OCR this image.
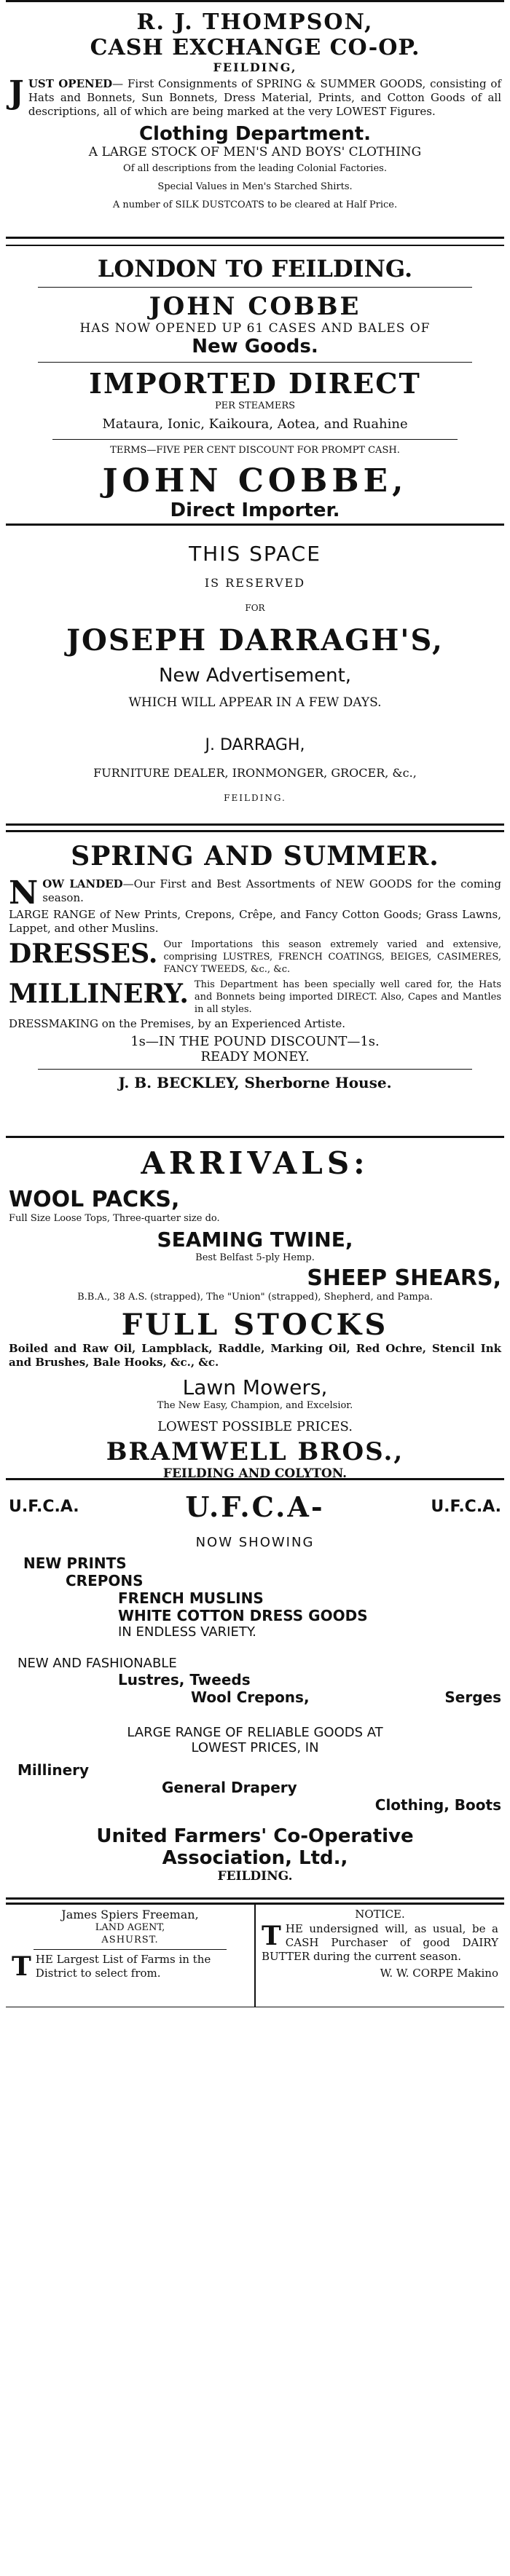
R. J. THOMPSON,
CASH EXCHANGE CO-OP.
FEILDING,
J UST OPENED— First Consignments of SPRING & SUMMER GOODS, consisting of Hats and Bonnets, Sun Bonnets, Dress Material, Prints, and Cotton Goods of all descriptions, all of which are being marked at the very LOWEST Figures.
Clothing Department.
A LARGE STOCK OF MEN'S AND BOYS' CLOTHING
Of all descriptions from the leading Colonial Factories.
Special Values in Men's Starched Shirts.
A number of SILK DUSTCOATS to be cleared at Half Price.
LONDON TO FEILDING.
JOHN COBBE
HAS NOW OPENED UP 61 CASES AND BALES OF
New Goods.
IMPORTED DIRECT
PER STEAMERS
Mataura, Ionic, Kaikoura, Aotea, and Ruahine
TERMS—FIVE PER CENT DISCOUNT FOR PROMPT CASH.
JOHN COBBE,
Direct Importer.
THIS SPACE
IS RESERVED
FOR
JOSEPH DARRAGH'S,
New Advertisement,
WHICH WILL APPEAR IN A FEW DAYS.
J. DARRAGH,
FURNITURE DEALER, IRONMONGER, GROCER, &c.,
FEILDING.
SPRING AND SUMMER.
N OW LANDED—Our First and Best Assortments of NEW GOODS for the coming season.
LARGE RANGE of New Prints, Crepons, Crêpe, and Fancy Cotton Goods; Grass Lawns, Lappet, and other Muslins.
DRESSES. Our Importations this season extremely varied and extensive, comprising LUSTRES, FRENCH COATINGS, BEIGES, CASIMERES, FANCY TWEEDS, &c., &c.
MILLINERY. This Department has been specially well cared for, the Hats and Bonnets being imported DIRECT. Also, Capes and Mantles in all styles.
DRESSMAKING on the Premises, by an Experienced Artiste.
1s—IN THE POUND DISCOUNT—1s.
READY MONEY.
J. B. BECKLEY, Sherborne House.
ARRIVALS:
WOOL PACKS,
Full Size Loose Tops, Three-quarter size do.
SEAMING TWINE,
Best Belfast 5-ply Hemp.
SHEEP SHEARS,
B.B.A., 38 A.S. (strapped), The "Union" (strapped), Shepherd, and Pampa.
FULL STOCKS
Boiled and Raw Oil, Lampblack, Raddle, Marking Oil, Red Ochre, Stencil Ink and Brushes, Bale Hooks, &c., &c.
Lawn Mowers,
The New Easy, Champion, and Excelsior.
LOWEST POSSIBLE PRICES.
BRAMWELL BROS.,
FEILDING AND COLYTON.
U.F.C.A.	U.F.C.A-	U.F.C.A.
NOW SHOWING
NEW PRINTS
CREPONS
FRENCH MUSLINS
WHITE COTTON DRESS GOODS
IN ENDLESS VARIETY.
NEW AND FASHIONABLE
Lustres, Tweeds
Wool Crepons,	Serges
LARGE RANGE OF RELIABLE GOODS AT
LOWEST PRICES, IN
Millinery
General Drapery
Clothing, Boots
United Farmers' Co-Operative
Association, Ltd.,
FEILDING.
James Spiers Freeman,
LAND AGENT,
ASHURST.
T HE Largest List of Farms in the District to select from.
NOTICE.
T HE undersigned will, as usual, be a CASH Purchaser of good DAIRY BUTTER during the current season.
W. W. CORPE Makino
